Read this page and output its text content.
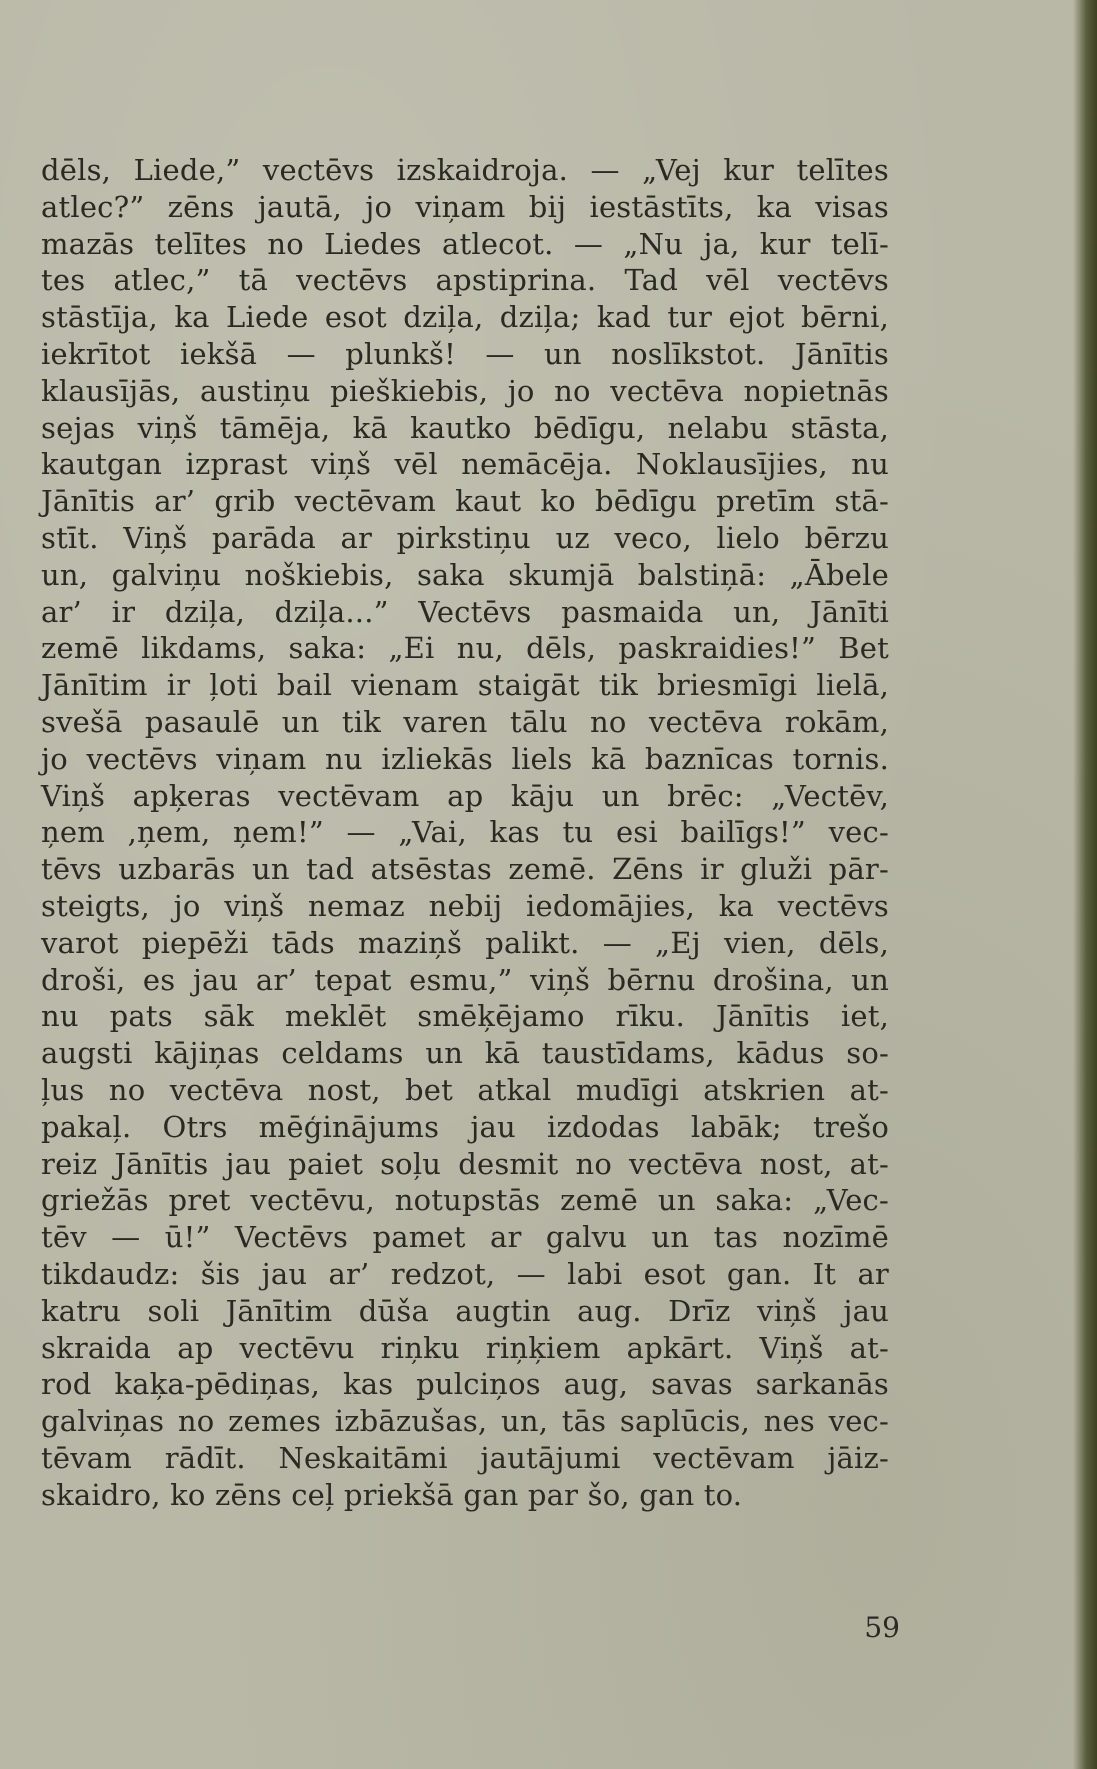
dēls, Liede,” vectēvs izskaidroja. — „Vej kur telītes
atlec?” zēns jautā, jo viņam bij iestāstīts, ka visas
mazās telītes no Liedes atlecot. — „Nu ja, kur telī-
tes atlec,” tā vectēvs apstiprina. Tad vēl vectēvs
stāstīja, ka Liede esot dziļa, dziļa; kad tur ejot bērni,
iekrītot iekšā — plunkš! — un noslīkstot. Jānītis
klausījās, austiņu pieškiebis, jo no vectēva nopietnās
sejas viņš tāmēja, kā kautko bēdīgu, nelabu stāsta,
kautgan izprast viņš vēl nemācēja. Noklausījies, nu
Jānītis ar’ grib vectēvam kaut ko bēdīgu pretīm stā-
stīt. Viņš parāda ar pirkstiņu uz veco, lielo bērzu
un, galviņu noškiebis, saka skumjā balstiņā: „Ābele
ar’ ir dziļa, dziļa...” Vectēvs pasmaida un, Jānīti
zemē likdams, saka: „Ei nu, dēls, paskraidies!” Bet
Jānītim ir ļoti bail vienam staigāt tik briesmīgi lielā,
svešā pasaulē un tik varen tālu no vectēva rokām,
jo vectēvs viņam nu izliekās liels kā baznīcas tornis.
Viņš apķeras vectēvam ap kāju un brēc: „Vectēv,
ņem ,ņem, ņem!” — „Vai, kas tu esi bailīgs!” vec-
tēvs uzbarās un tad atsēstas zemē. Zēns ir gluži pār-
steigts, jo viņš nemaz nebij iedomājies, ka vectēvs
varot piepēži tāds maziņš palikt. — „Ej vien, dēls,
droši, es jau ar’ tepat esmu,” viņš bērnu drošina, un
nu pats sāk meklēt smēķējamo rīku. Jānītis iet,
augsti kājiņas celdams un kā taustīdams, kādus so-
ļus no vectēva nost, bet atkal mudīgi atskrien at-
pakaļ. Otrs mēģinājums jau izdodas labāk; trešo
reiz Jānītis jau paiet soļu desmit no vectēva nost, at-
griežās pret vectēvu, notupstās zemē un saka: „Vec-
tēv — ū!” Vectēvs pamet ar galvu un tas nozīmē
tikdaudz: šis jau ar’ redzot, — labi esot gan. It ar
katru soli Jānītim dūša augtin aug. Drīz viņš jau
skraida ap vectēvu riņku riņķiem apkārt. Viņš at-
rod kaķa-pēdiņas, kas pulciņos aug, savas sarkanās
galviņas no zemes izbāzušas, un, tās saplūcis, nes vec-
tēvam rādīt. Neskaitāmi jautājumi vectēvam jāiz-
skaidro, ko zēns ceļ priekšā gan par šo, gan to.
59
